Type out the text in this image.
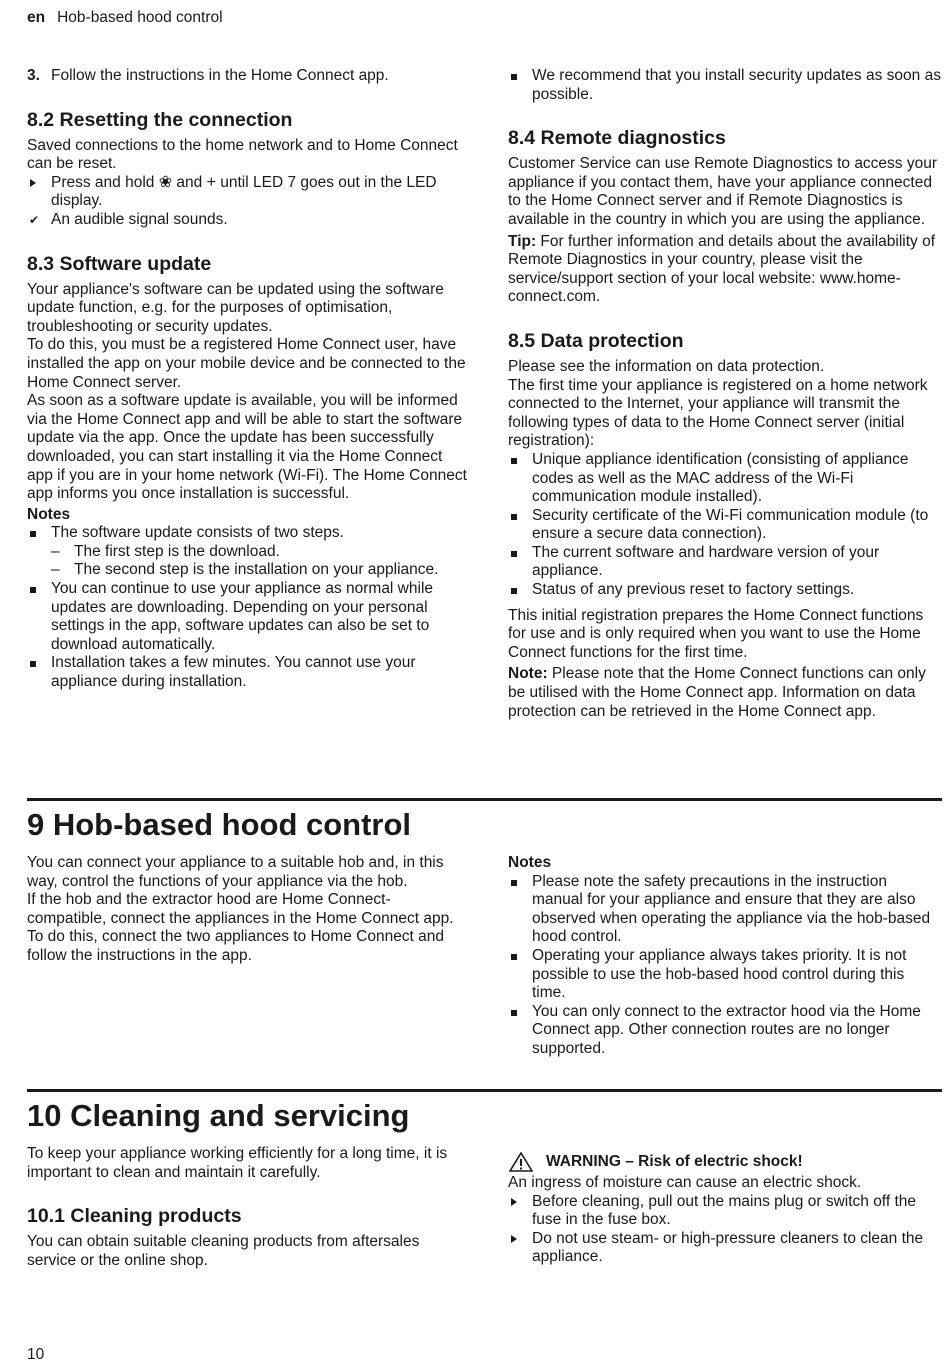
en Hob-based hood control
3. Follow the instructions in the Home Connect app.
8.2 Resetting the connection

Saved connections to the home network and to Home Connect can be reset.

Press and hold ❀ and + until LED 7 goes out in the LED display.
✔ An audible signal sounds.
8.3 Software update

Your appliance's software can be updated using the software update function, e.g. for the purposes of optimisation, troubleshooting or security updates.

To do this, you must be a registered Home Connect user, have installed the app on your mobile device and be connected to the Home Connect server.

As soon as a software update is available, you will be informed via the Home Connect app and will be able to start the software update via the app. Once the update has been successfully downloaded, you can start installing it via the Home Connect app if you are in your home network (Wi-Fi). The Home Connect app informs you once installation is successful.

Notes

The software update consists of two steps.
– The first step is the download.
– The second step is the installation on your appliance.
You can continue to use your appliance as normal while updates are downloading. Depending on your personal settings in the app, software updates can also be set to download automatically.
Installation takes a few minutes. You cannot use your appliance during installation.
We recommend that you install security updates as soon as possible.
8.4 Remote diagnostics

Customer Service can use Remote Diagnostics to access your appliance if you contact them, have your appliance connected to the Home Connect server and if Remote Diagnostics is available in the country in which you are using the appliance.

Tip: For further information and details about the availability of Remote Diagnostics in your country, please visit the service/support section of your local website: www.home-connect.com.

8.5 Data protection

Please see the information on data protection.

The first time your appliance is registered on a home network connected to the Internet, your appliance will transmit the following types of data to the Home Connect server (initial registration):

Unique appliance identification (consisting of appliance codes as well as the MAC address of the Wi-Fi communication module installed).
Security certificate of the Wi-Fi communication module (to ensure a secure data connection).
The current software and hardware version of your appliance.
Status of any previous reset to factory settings.

This initial registration prepares the Home Connect functions for use and is only required when you want to use the Home Connect functions for the first time.

Note: Please note that the Home Connect functions can only be utilised with the Home Connect app. Information on data protection can be retrieved in the Home Connect app.

9 Hob-based hood control

You can connect your appliance to a suitable hob and, in this way, control the functions of your appliance via the hob.

If the hob and the extractor hood are Home Connect-compatible, connect the appliances in the Home Connect app. To do this, connect the two appliances to Home Connect and follow the instructions in the app.

Notes

Please note the safety precautions in the instruction manual for your appliance and ensure that they are also observed when operating the appliance via the hob-based hood control.
Operating your appliance always takes priority. It is not possible to use the hob-based hood control during this time.
You can only connect to the extractor hood via the Home Connect app. Other connection routes are no longer supported.
10 Cleaning and servicing

To keep your appliance working efficiently for a long time, it is important to clean and maintain it carefully.

10.1 Cleaning products

You can obtain suitable cleaning products from aftersales service or the online shop.

WARNING – Risk of electric shock!

An ingress of moisture can cause an electric shock.

Before cleaning, pull out the mains plug or switch off the fuse in the fuse box.
Do not use steam- or high-pressure cleaners to clean the appliance.
10
